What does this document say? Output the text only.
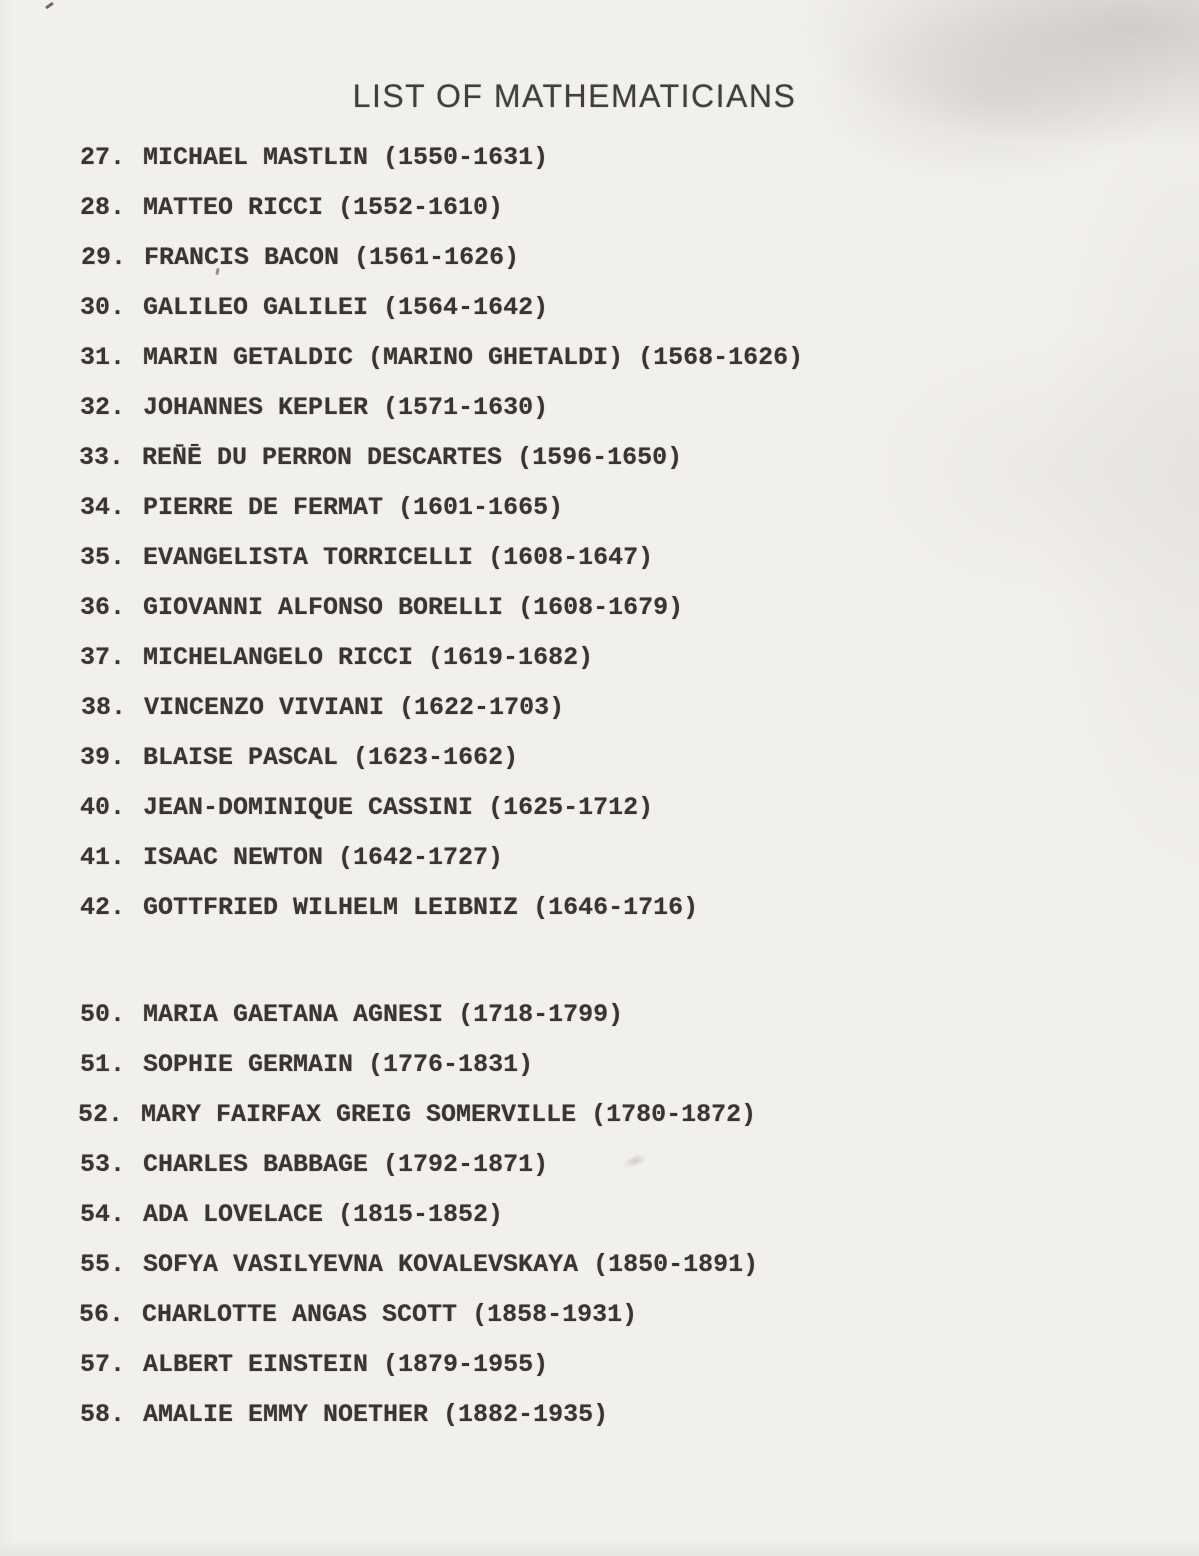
LIST OF MATHEMATICIANS
27. MICHAEL MASTLIN (1550-1631)
28. MATTEO RICCI (1552-1610)
29. FRANCIS BACON (1561-1626)
30. GALILEO GALILEI (1564-1642)
31. MARIN GETALDIC (MARINO GHETALDI) (1568-1626)
32. JOHANNES KEPLER (1571-1630)
33. REN̄Ē DU PERRON DESCARTES (1596-1650)
34. PIERRE DE FERMAT (1601-1665)
35. EVANGELISTA TORRICELLI (1608-1647)
36. GIOVANNI ALFONSO BORELLI (1608-1679)
37. MICHELANGELO RICCI (1619-1682)
38. VINCENZO VIVIANI (1622-1703)
39. BLAISE PASCAL (1623-1662)
40. JEAN-DOMINIQUE CASSINI (1625-1712)
41. ISAAC NEWTON (1642-1727)
42. GOTTFRIED WILHELM LEIBNIZ (1646-1716)
50. MARIA GAETANA AGNESI (1718-1799)
51. SOPHIE GERMAIN (1776-1831)
52. MARY FAIRFAX GREIG SOMERVILLE (1780-1872)
53. CHARLES BABBAGE (1792-1871)
54. ADA LOVELACE (1815-1852)
55. SOFYA VASILYEVNA KOVALEVSKAYA (1850-1891)
56. CHARLOTTE ANGAS SCOTT (1858-1931)
57. ALBERT EINSTEIN (1879-1955)
58. AMALIE EMMY NOETHER (1882-1935)
